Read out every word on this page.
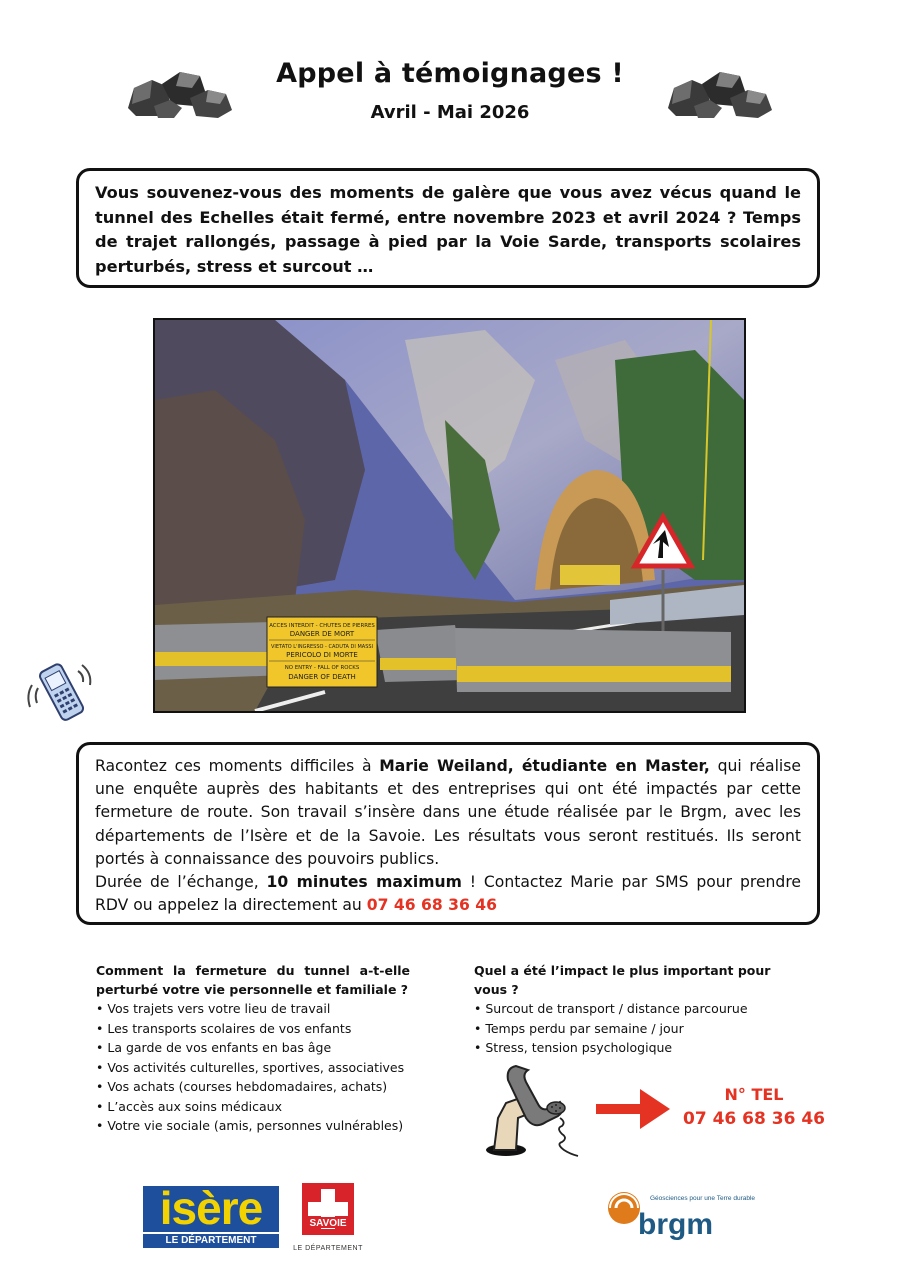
Appel à témoignages !
Avril - Mai 2026
Vous souvenez-vous des moments de galère que vous avez vécus quand le tunnel des Echelles était fermé, entre novembre 2023 et avril 2024 ? Temps de trajet rallongés, passage à pied par la Voie Sarde, transports scolaires perturbés, stress et surcout …
ACCES INTERDIT - CHUTES DE PIERRES
DANGER DE MORT
VIETATO L'INGRESSO - CADUTA DI MASSI
PERICOLO DI MORTE
NO ENTRY - FALL OF ROCKS
DANGER OF DEATH
Racontez ces moments difficiles à Marie Weiland, étudiante en Master, qui réalise une enquête auprès des habitants et des entreprises qui ont été impactés par cette fermeture de route. Son travail s’insère dans une étude réalisée par le Brgm, avec les départements de l’Isère et de la Savoie. Les résultats vous seront restitués. Ils seront portés à connaissance des pouvoirs publics.
Durée de l’échange, 10 minutes maximum ! Contactez Marie par SMS pour prendre RDV ou appelez la directement au 07 46 68 36 46
Comment la fermeture du tunnel a-t-elle perturbé votre vie personnelle et familiale ?
• Vos trajets vers votre lieu de travail
• Les transports scolaires de vos enfants
• La garde de vos enfants en bas âge
• Vos activités culturelles, sportives, associatives
• Vos achats (courses hebdomadaires, achats)
• L’accès aux soins médicaux
• Votre vie sociale (amis, personnes vulnérables)
Quel a été l’impact le plus important pour vous ?
• Surcout de transport / distance parcourue
• Temps perdu par semaine / jour
• Stress, tension psychologique
N° TEL
07 46 68 36 46
isère
LE DÉPARTEMENT
SAVOIE
LE DÉPARTEMENT
Géosciences pour une Terre durable
brgm
